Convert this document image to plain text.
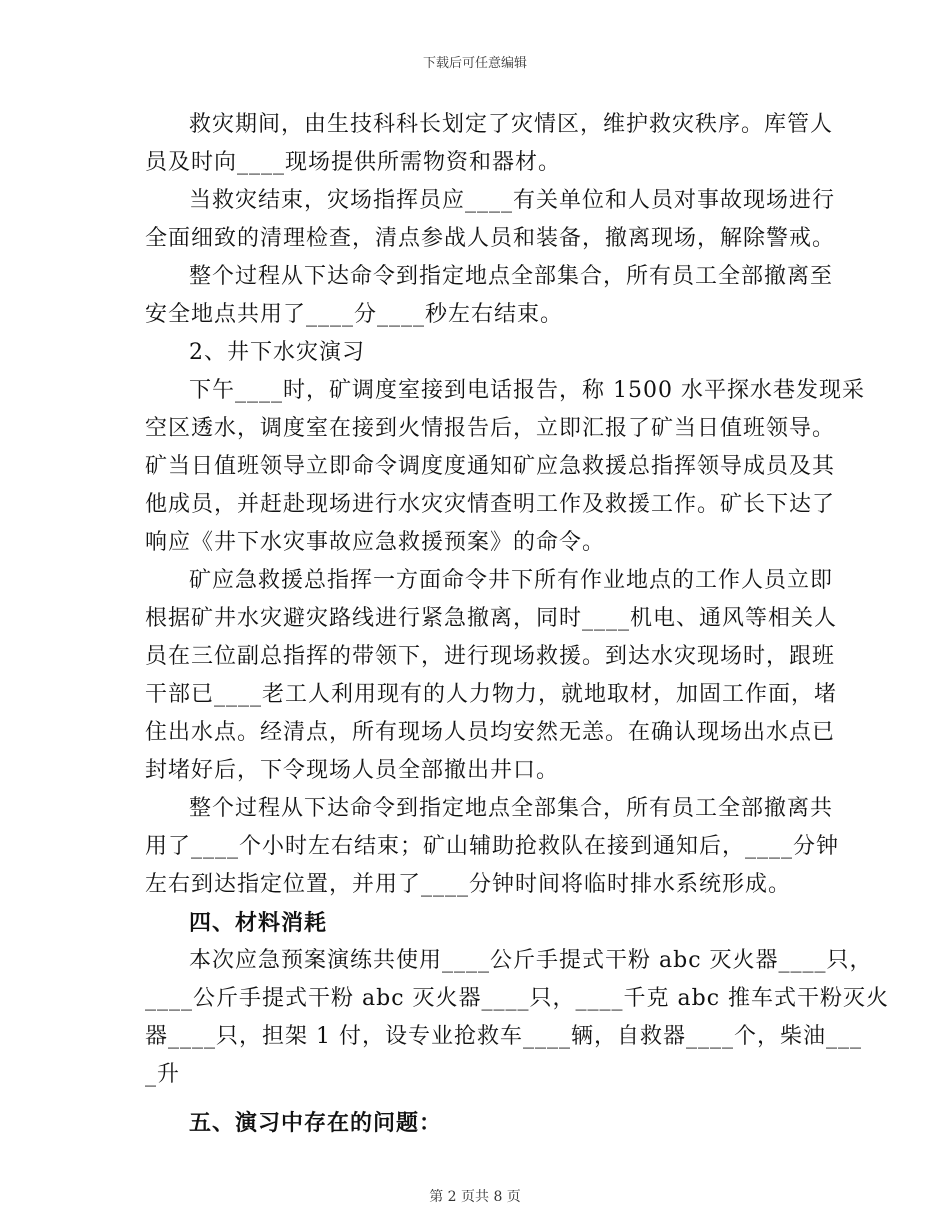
下载后可任意编辑
救灾期间，由生技科科长划定了灾情区，维护救灾秩序。库管人
员及时向____现场提供所需物资和器材。
当救灾结束，灾场指挥员应____有关单位和人员对事故现场进行
全面细致的清理检查，清点参战人员和装备，撤离现场，解除警戒。
整个过程从下达命令到指定地点全部集合，所有员工全部撤离至
安全地点共用了____分____秒左右结束。
2、井下水灾演习
下午____时，矿调度室接到电话报告，称 1500 水平探水巷发现采
空区透水，调度室在接到火情报告后，立即汇报了矿当日值班领导。
矿当日值班领导立即命令调度度通知矿应急救援总指挥领导成员及其
他成员，并赶赴现场进行水灾灾情查明工作及救援工作。矿长下达了
响应《井下水灾事故应急救援预案》的命令。
矿应急救援总指挥一方面命令井下所有作业地点的工作人员立即
根据矿井水灾避灾路线进行紧急撤离，同时____机电、通风等相关人
员在三位副总指挥的带领下，进行现场救援。到达水灾现场时，跟班
干部已____老工人利用现有的人力物力，就地取材，加固工作面，堵
住出水点。经清点，所有现场人员均安然无恙。在确认现场出水点已
封堵好后，下令现场人员全部撤出井口。
整个过程从下达命令到指定地点全部集合，所有员工全部撤离共
用了____个小时左右结束；矿山辅助抢救队在接到通知后，____分钟
左右到达指定位置，并用了____分钟时间将临时排水系统形成。
四、材料消耗
本次应急预案演练共使用____公斤手提式干粉 abc 灭火器____只，
____公斤手提式干粉 abc 灭火器____只，____千克 abc 推车式干粉灭火
器____只，担架 1 付，设专业抢救车____辆，自救器____个，柴油___
_升
五、演习中存在的问题：
第 2 页共 8 页
